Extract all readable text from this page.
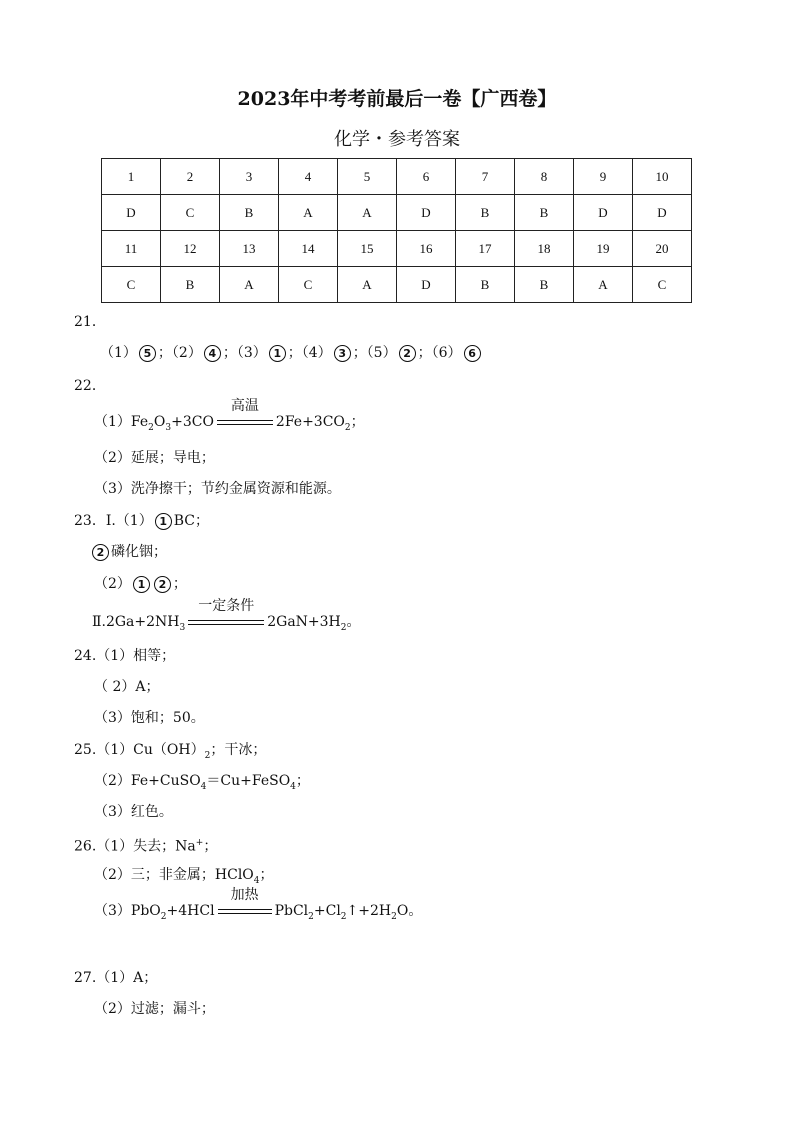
2023年中考考前最后一卷【广西卷】
化学・参考答案
1	2	3	4	5	6	7	8	9	10
D	C	B	A	A	D	B	B	D	D
11	12	13	14	15	16	17	18	19	20
C	B	A	C	A	D	B	B	A	C
21．
（1） 5 ；（2） 4 ；（3） 1 ；（4） 3 ；（5） 2 ；（6） 6
22．
$(1)Fe_2O_3+3CO$
高温
$2Fe+3CO_2$；
（2）延展；导电；
（3）洗净擦干；节约金属资源和能源。
23．Ⅰ.（1） 1 BC；
2 磷化铟；
（2） 1 2 ；
$Ⅱ.2Ga+2NH_3$
一定条件
$2GaN+3H_2$。
24.（1）相等；
（ 2）A；
（3）饱和；50。
$25.(1)Cu(OH)_2$；干冰；
（2）Fe+CuSO$_4$＝Cu+FeSO$_4$；
（3）红色。
26.（1）失去；Na+；
（2）三；非金属；HClO$_4$；
（3）PbO$_2$+4HCl
加热
$PbCl_2+Cl_2↑+2H_2O$。
27.（1）A；
（2）过滤；漏斗；
